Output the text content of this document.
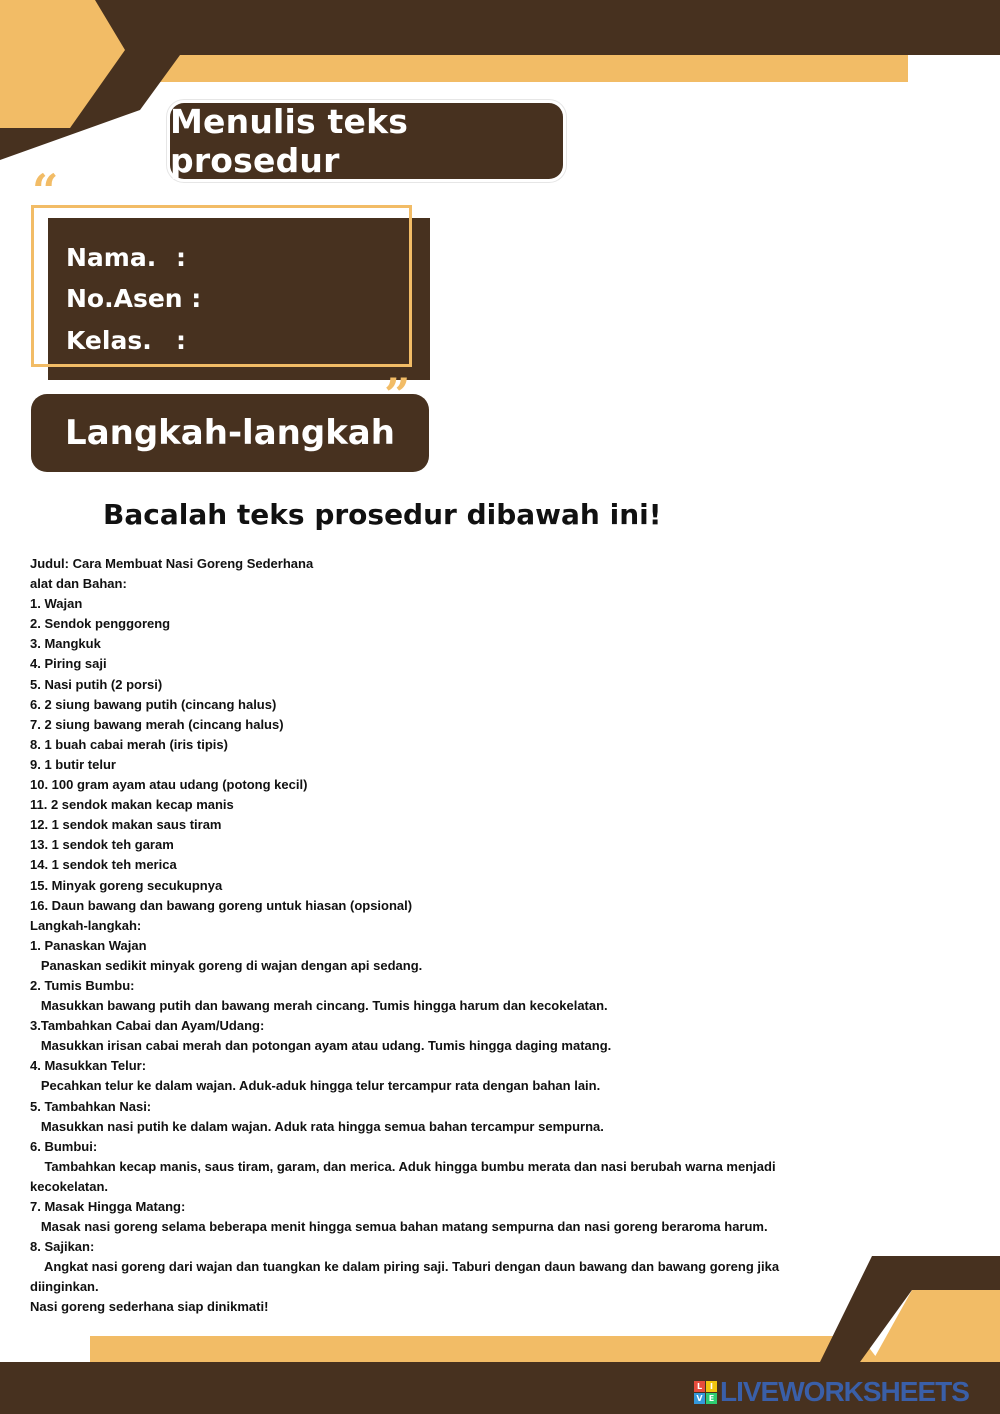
Menulis teks prosedur
“
Nama. :
No.Asen :
Kelas. :
Langkah-langkah
Bacalah teks prosedur dibawah ini!
Judul: Cara Membuat Nasi Goreng Sederhana
alat dan Bahan:
1. Wajan
2. Sendok penggoreng
3. Mangkuk
4. Piring saji
5. Nasi putih (2 porsi)
6. 2 siung bawang putih (cincang halus)
7. 2 siung bawang merah (cincang halus)
8. 1 buah cabai merah (iris tipis)
9. 1 butir telur
10. 100 gram ayam atau udang (potong kecil)
11. 2 sendok makan kecap manis
12. 1 sendok makan saus tiram
13. 1 sendok teh garam
14. 1 sendok teh merica
15. Minyak goreng secukupnya
16. Daun bawang dan bawang goreng untuk hiasan (opsional)
Langkah-langkah:
1. Panaskan Wajan
Panaskan sedikit minyak goreng di wajan dengan api sedang.
2. Tumis Bumbu:
Masukkan bawang putih dan bawang merah cincang. Tumis hingga harum dan kecokelatan.
3.Tambahkan Cabai dan Ayam/Udang:
Masukkan irisan cabai merah dan potongan ayam atau udang. Tumis hingga daging matang.
4. Masukkan Telur:
Pecahkan telur ke dalam wajan. Aduk-aduk hingga telur tercampur rata dengan bahan lain.
5. Tambahkan Nasi:
Masukkan nasi putih ke dalam wajan. Aduk rata hingga semua bahan tercampur sempurna.
6. Bumbui:
Tambahkan kecap manis, saus tiram, garam, dan merica. Aduk hingga bumbu merata dan nasi berubah warna menjadi
kecokelatan.
7. Masak Hingga Matang:
Masak nasi goreng selama beberapa menit hingga semua bahan matang sempurna dan nasi goreng beraroma harum.
8. Sajikan:
Angkat nasi goreng dari wajan dan tuangkan ke dalam piring saji. Taburi dengan daun bawang dan bawang goreng jika
diinginkan.
Nasi goreng sederhana siap dinikmati!
L I
V E LIVEWORKSHEETS
